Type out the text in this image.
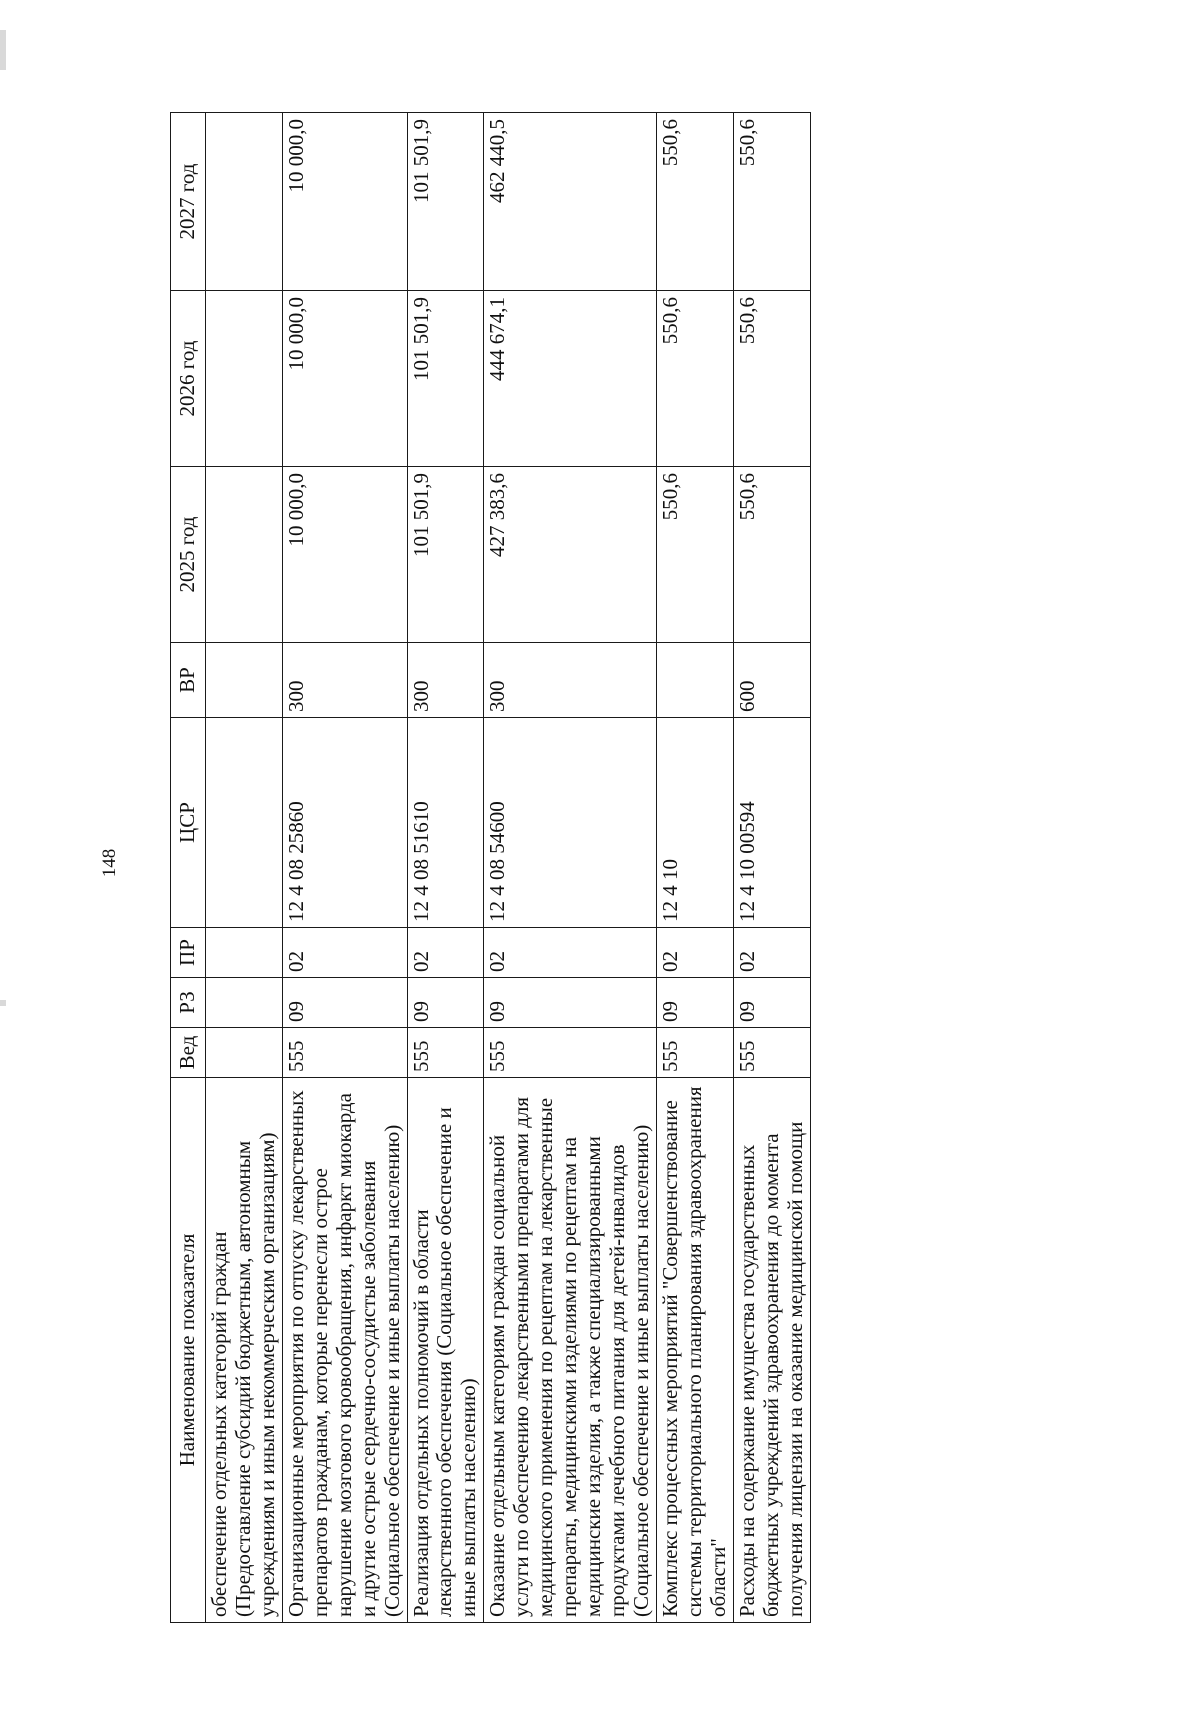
148
Наименование показателя	Вед	РЗ	ПР	ЦСР	ВР	2025 год	2026 год	2027 год
обеспечение отдельных категорий граждан (Предоставление субсидий бюджетным, автономным учреждениям и иным некоммерческим организациям)								
Организационные мероприятия по отпуску лекарственных препаратов гражданам, которые перенесли острое нарушение мозгового кровообращения, инфаркт миокарда и другие острые сердечно-сосудистые заболевания (Социальное обеспечение и иные выплаты населению)	555	09	02	12 4 08 25860	300	10 000,0	10 000,0	10 000,0
Реализация отдельных полномочий в области лекарственного обеспечения (Социальное обеспечение и иные выплаты населению)	555	09	02	12 4 08 51610	300	101 501,9	101 501,9	101 501,9
Оказание отдельным категориям граждан социальной услуги по обеспечению лекарственными препаратами для медицинского применения по рецептам на лекарственные препараты, медицинскими изделиями по рецептам на медицинские изделия, а также специализированными продуктами лечебного питания для детей-инвалидов (Социальное обеспечение и иные выплаты населению)	555	09	02	12 4 08 54600	300	427 383,6	444 674,1	462 440,5
Комплекс процессных мероприятий "Совершенствование системы территориального планирования здравоохранения области"	555	09	02	12 4 10		550,6	550,6	550,6
Расходы на содержание имущества государственных бюджетных учреждений здравоохранения до момента получения лицензии на оказание медицинской помощи	555	09	02	12 4 10 00594	600	550,6	550,6	550,6
